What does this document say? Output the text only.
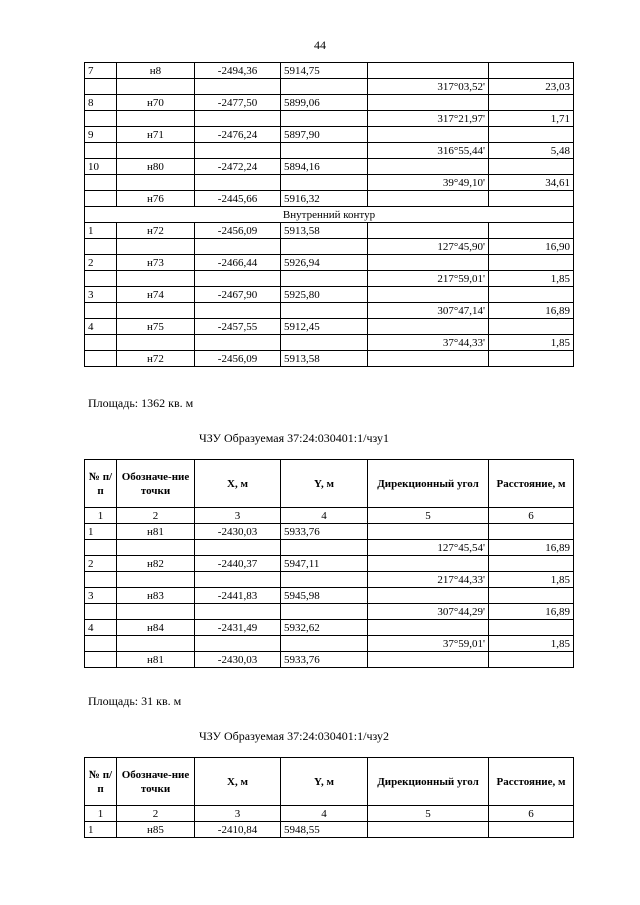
44
7	н8	-2494,36	5914,75		
				317°03,52'	23,03
8	н70	-2477,50	5899,06		
				317°21,97'	1,71
9	н71	-2476,24	5897,90		
				316°55,44'	5,48
10	н80	-2472,24	5894,16		
				39°49,10'	34,61
	н76	-2445,66	5916,32		
Внутренний контур					
1	н72	-2456,09	5913,58		
				127°45,90'	16,90
2	н73	-2466,44	5926,94		
				217°59,01'	1,85
3	н74	-2467,90	5925,80		
				307°47,14'	16,89
4	н75	-2457,55	5912,45		
				37°44,33'	1,85
	н72	-2456,09	5913,58		
Площадь: 1362 кв. м
ЧЗУ Образуемая 37:24:030401:1/чзу1
№ п/п	Обозначе-ние точки	X, м	Y, м	Дирекционный угол	Расстояние, м
1	2	3	4	5	6
1	н81	-2430,03	5933,76		
				127°45,54'	16,89
2	н82	-2440,37	5947,11		
				217°44,33'	1,85
3	н83	-2441,83	5945,98		
				307°44,29'	16,89
4	н84	-2431,49	5932,62		
				37°59,01'	1,85
	н81	-2430,03	5933,76		
Площадь: 31 кв. м
ЧЗУ Образуемая 37:24:030401:1/чзу2
№ п/п	Обозначе-ние точки	X, м	Y, м	Дирекционный угол	Расстояние, м
1	2	3	4	5	6
1	н85	-2410,84	5948,55		
